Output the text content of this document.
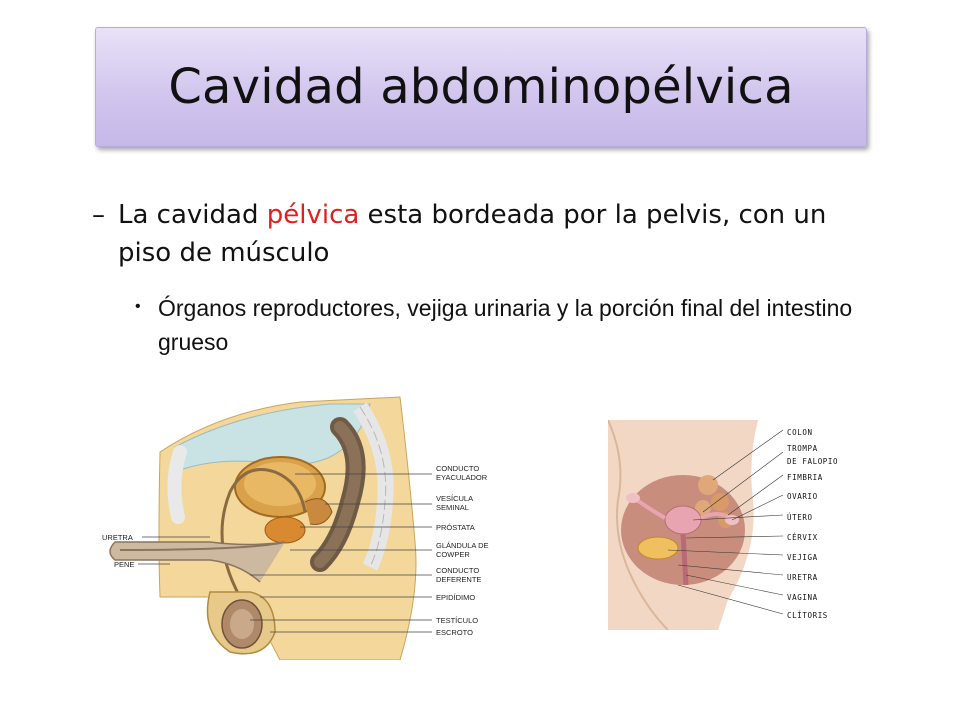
Cavidad abdominopélvica
– La cavidad pélvica esta bordeada por la pelvis, con un piso de músculo
• Órganos reproductores, vejiga urinaria y la porción final del intestino grueso
URETRA
PENE
CONDUCTO
EYACULADOR
VESÍCULA
SEMINAL
PRÓSTATA
GLÁNDULA DE
COWPER
CONDUCTO
DEFERENTE
EPIDÍDIMO
TESTÍCULO
ESCROTO
COLON
TROMPA
DE FALOPIO
FIMBRIA
OVARIO
ÚTERO
CÉRVIX
VEJIGA
URETRA
VAGINA
CLÍTORIS
